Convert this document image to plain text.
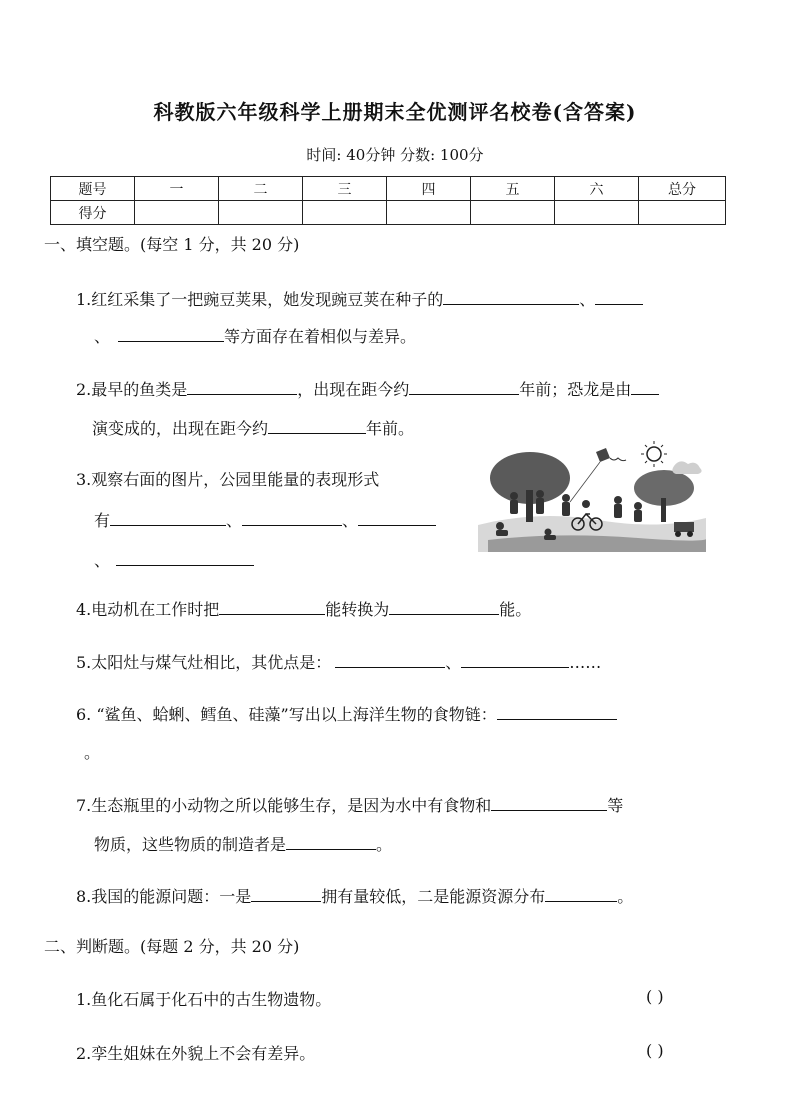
科教版六年级科学上册期末全优测评名校卷(含答案)
时间: 40分钟 分数: 100分
题号	一	二	三	四	五	六	总分
得分							
一、填空题。(每空 1 分，共 20 分)
1.红红采集了一把豌豆荚果，她发现豌豆荚在种子的	、
、	等方面存在着相似与差异。
2.最早的鱼类是	，出现在距今约	年前；恐龙是由
演变成的，出现在距今约	年前。
3.观察右面的图片，公园里能量的表现形式
有	、	、
、
4.电动机在工作时把	能转换为	能。
5.太阳灶与煤气灶相比，其优点是：	、	……
6. “鲨鱼、蛤蜊、鳕鱼、硅藻”写出以上海洋生物的食物链：
。
7.生态瓶里的小动物之所以能够生存，是因为水中有食物和	等
物质，这些物质的制造者是	。
8.我国的能源问题：一是	拥有量较低，二是能源资源分布	。
二、判断题。(每题 2 分，共 20 分)
1.鱼化石属于化石中的古生物遗物。	( )
2.孪生姐妹在外貌上不会有差异。	( )
